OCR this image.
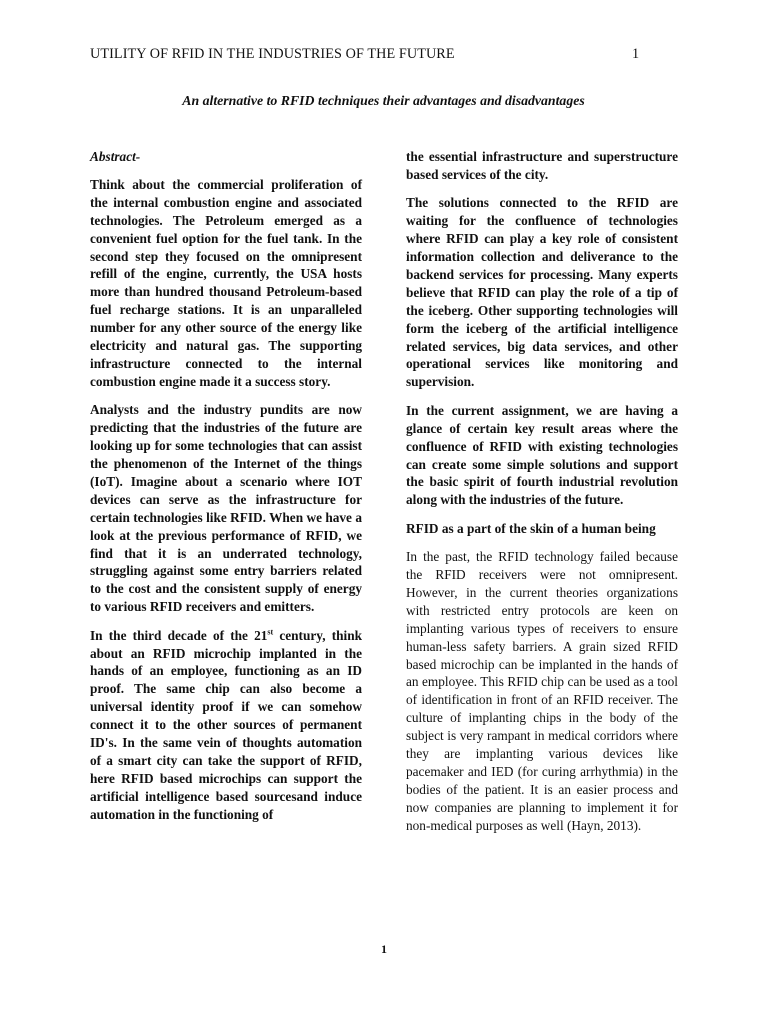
UTILITY OF RFID IN THE INDUSTRIES OF THE FUTURE	1
An alternative to RFID techniques their advantages and disadvantages

Abstract-

Think about the commercial proliferation of the internal combustion engine and associated technologies. The Petroleum emerged as a convenient fuel option for the fuel tank. In the second step they focused on the omnipresent refill of the engine, currently, the USA hosts more than hundred thousand Petroleum-based fuel recharge stations. It is an unparalleled number for any other source of the energy like electricity and natural gas. The supporting infrastructure connected to the internal combustion engine made it a success story.

Analysts and the industry pundits are now predicting that the industries of the future are looking up for some technologies that can assist the phenomenon of the Internet of the things (IoT). Imagine about a scenario where IOT devices can serve as the infrastructure for certain technologies like RFID. When we have a look at the previous performance of RFID, we find that it is an underrated technology, struggling against some entry barriers related to the cost and the consistent supply of energy to various RFID receivers and emitters.

In the third decade of the 21st century, think about an RFID microchip implanted in the hands of an employee, functioning as an ID proof. The same chip can also become a universal identity proof if we can somehow connect it to the other sources of permanent ID's. In the same vein of thoughts automation of a smart city can take the support of RFID, here RFID based microchips can support the artificial intelligence based sourcesand induce automation in the functioning of

the essential infrastructure and superstructure based services of the city.

The solutions connected to the RFID are waiting for the confluence of technologies where RFID can play a key role of consistent information collection and deliverance to the backend services for processing. Many experts believe that RFID can play the role of a tip of the iceberg. Other supporting technologies will form the iceberg of the artificial intelligence related services, big data services, and other operational services like monitoring and supervision.

In the current assignment, we are having a glance of certain key result areas where the confluence of RFID with existing technologies can create some simple solutions and support the basic spirit of fourth industrial revolution along with the industries of the future.

RFID as a part of the skin of a human being

In the past, the RFID technology failed because the RFID receivers were not omnipresent. However, in the current theories organizations with restricted entry protocols are keen on implanting various types of receivers to ensure human-less safety barriers. A grain sized RFID based microchip can be implanted in the hands of an employee. This RFID chip can be used as a tool of identification in front of an RFID receiver. The culture of implanting chips in the body of the subject is very rampant in medical corridors where they are implanting various devices like pacemaker and IED (for curing arrhythmia) in the bodies of the patient. It is an easier process and now companies are planning to implement it for non-medical purposes as well (Hayn, 2013).

1
